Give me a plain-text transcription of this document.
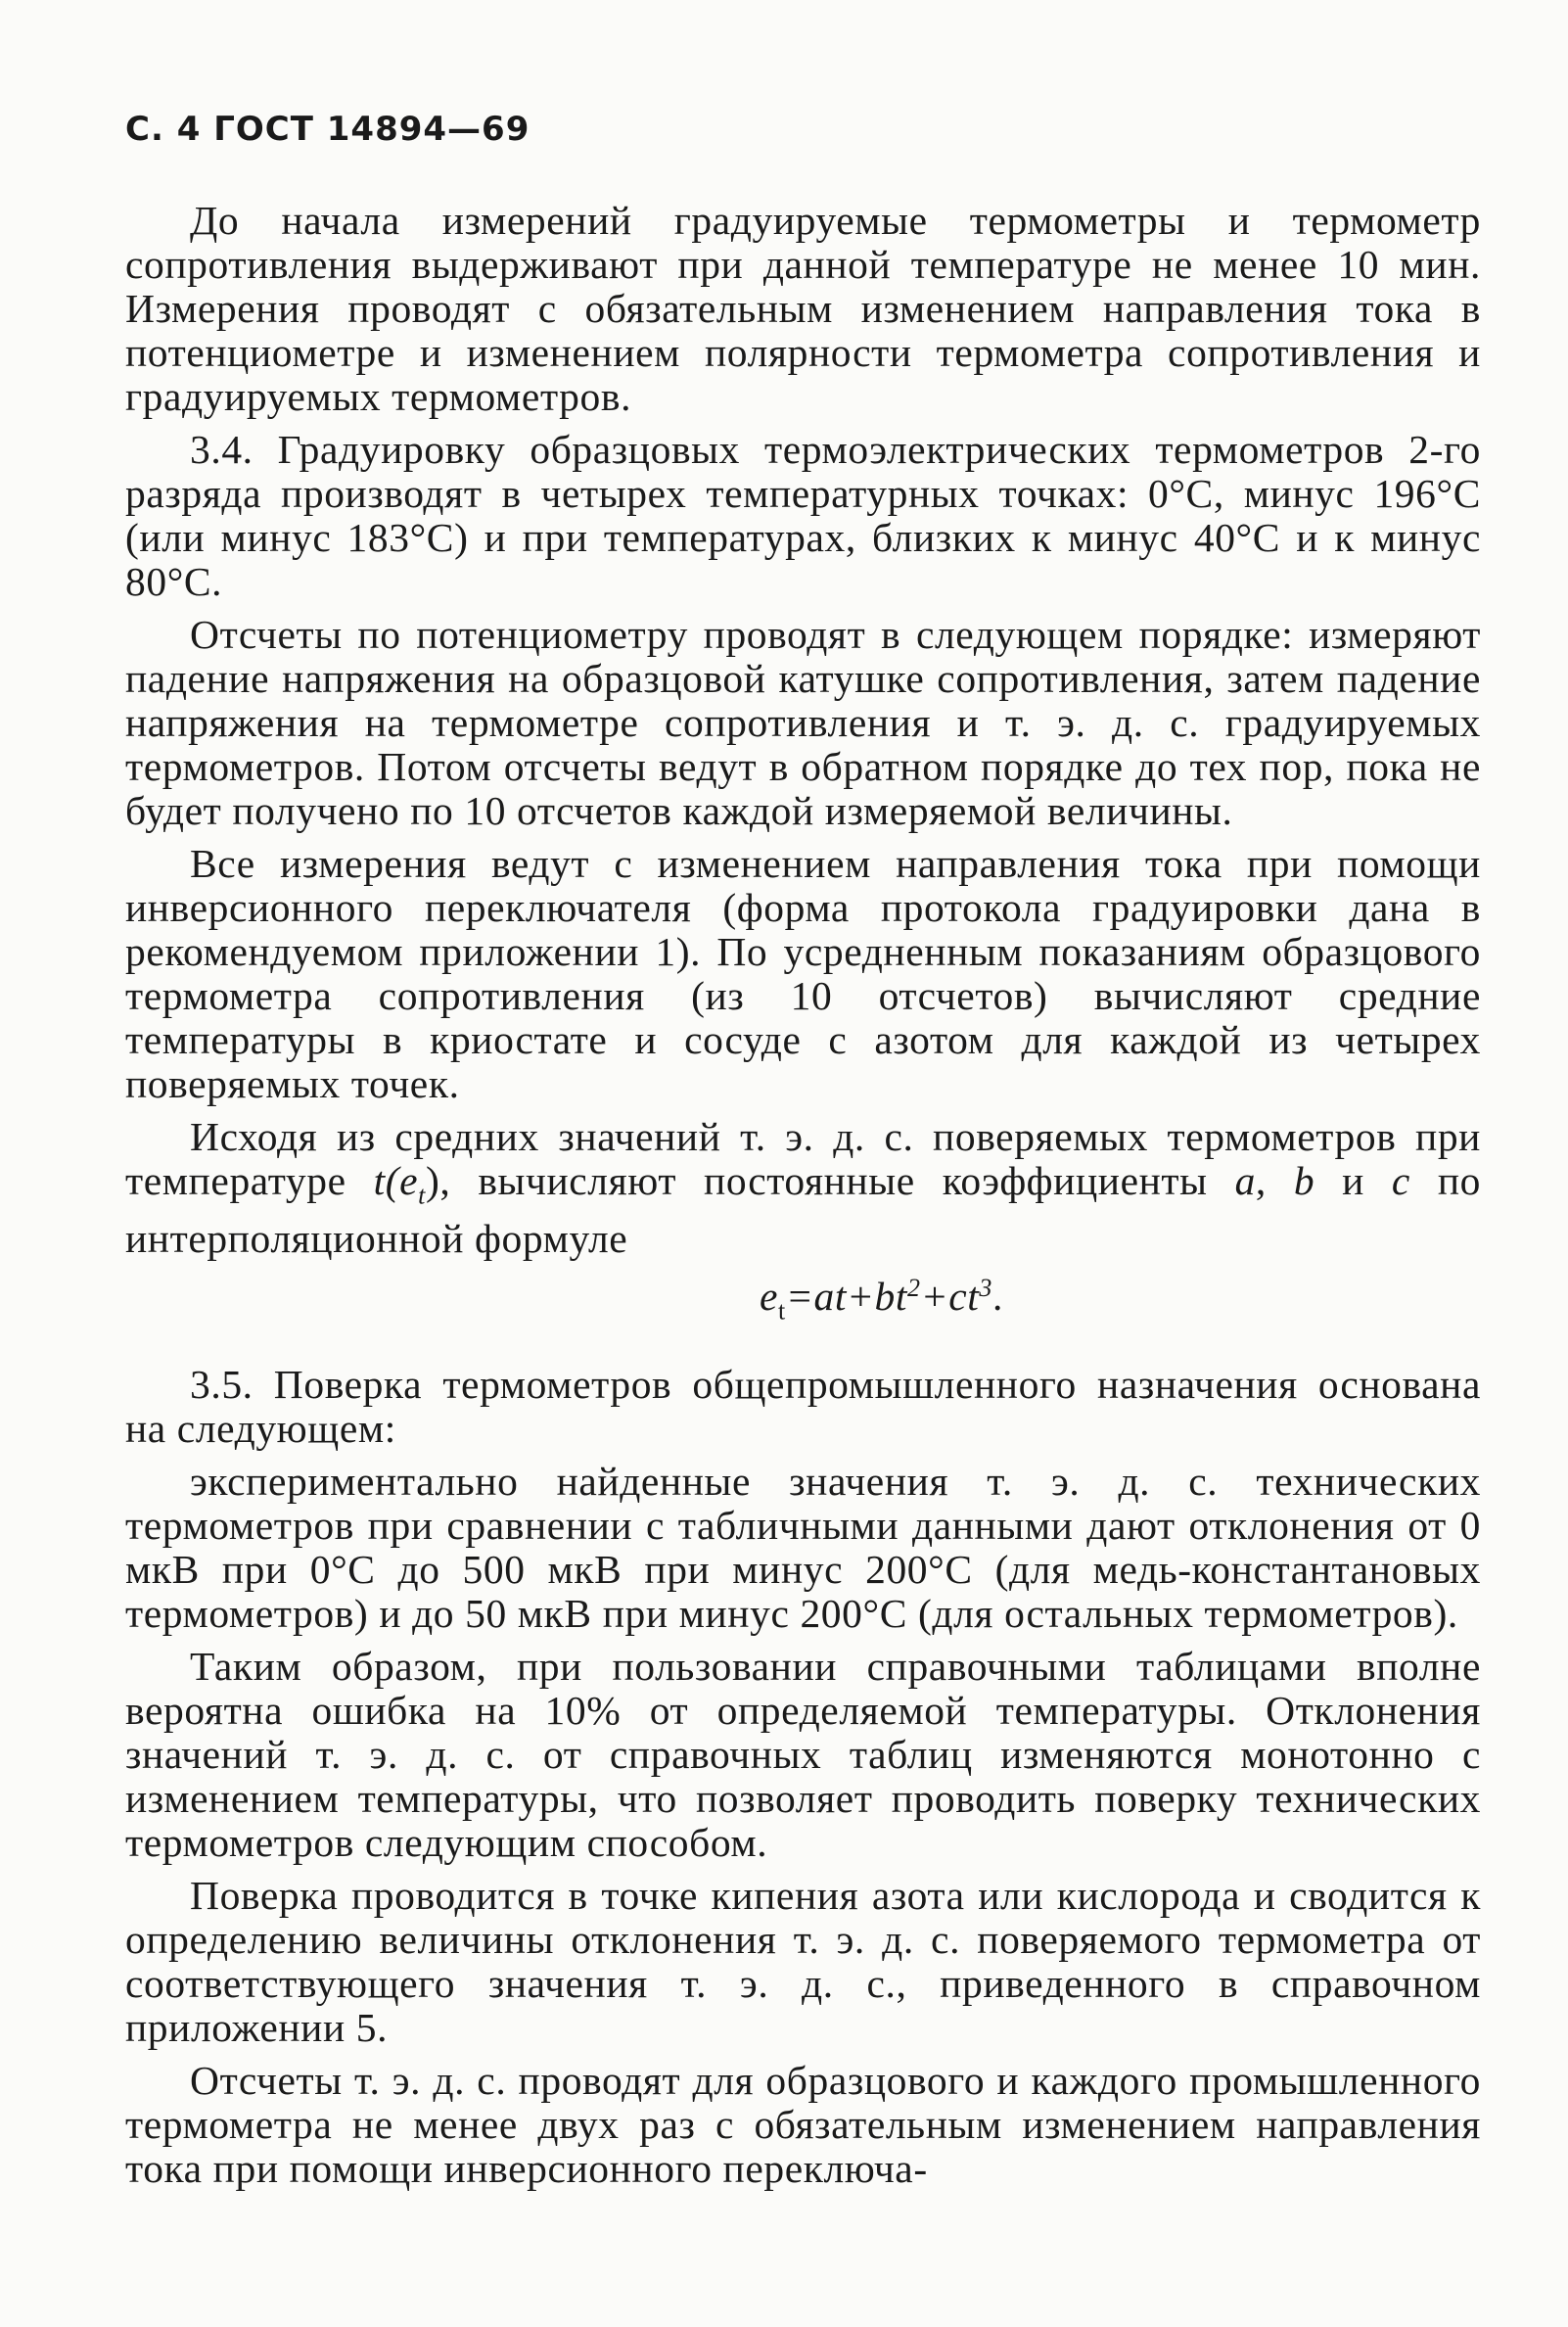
С. 4 ГОСТ 14894—69

До начала измерений градуируемые термометры и термометр сопротивления выдерживают при данной температуре не менее 10 мин. Измерения проводят с обязательным изменением направления тока в потенциометре и изменением полярности термометра сопротивления и градуируемых термометров.

3.4. Градуировку образцовых термоэлектрических термометров 2-го разряда производят в четырех температурных точках: 0°С, минус 196°С (или минус 183°С) и при температурах, близких к минус 40°С и к минус 80°С.

Отсчеты по потенциометру проводят в следующем порядке: измеряют падение напряжения на образцовой катушке сопротивления, затем падение напряжения на термометре сопротивления и т. э. д. с. градуируемых термометров. Потом отсчеты ведут в обратном порядке до тех пор, пока не будет получено по 10 отсчетов каждой измеряемой величины.

Все измерения ведут с изменением направления тока при помощи инверсионного переключателя (форма протокола градуировки дана в рекомендуемом приложении 1). По усредненным показаниям образцового термометра сопротивления (из 10 отсчетов) вычисляют средние температуры в криостате и сосуде с азотом для каждой из четырех поверяемых точек.

Исходя из средних значений т. э. д. с. поверяемых термометров при температуре $t(e_t)$, вычисляют постоянные коэффициенты a, b и c по интерполяционной формуле

$e_t=at+bt^2+ct^3$.

3.5. Поверка термометров общепромышленного назначения основана на следующем:

экспериментально найденные значения т. э. д. с. технических термометров при сравнении с табличными данными дают отклонения от 0 мкВ при 0°С до 500 мкВ при минус 200°С (для медь-константановых термометров) и до 50 мкВ при минус 200°С (для остальных термометров).

Таким образом, при пользовании справочными таблицами вполне вероятна ошибка на 10% от определяемой температуры. Отклонения значений т. э. д. с. от справочных таблиц изменяются монотонно с изменением температуры, что позволяет проводить поверку технических термометров следующим способом.

Поверка проводится в точке кипения азота или кислорода и сводится к определению величины отклонения т. э. д. с. поверяемого термометра от соответствующего значения т. э. д. с., приведенного в справочном приложении 5.

Отсчеты т. э. д. с. проводят для образцового и каждого промышленного термометра не менее двух раз с обязательным изменением направления тока при помощи инверсионного переключа-
